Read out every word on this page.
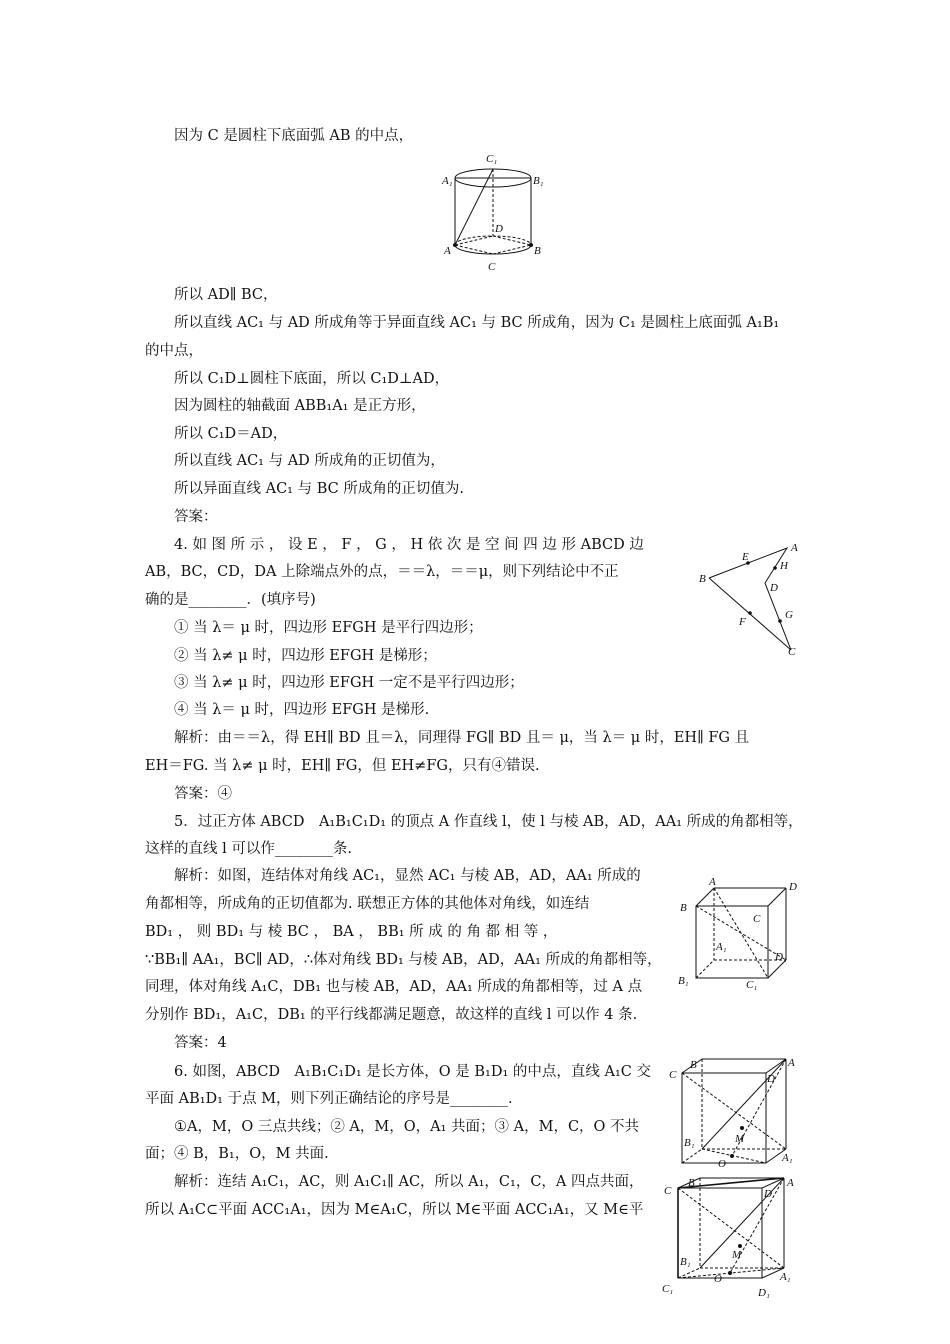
因为 C 是圆柱下底面弧 AB 的中点，
C₁
A₁	B₁
D
A	B
C
所以 AD∥ BC，
所以直线 AC₁ 与 AD 所成角等于异面直线 AC₁ 与 BC 所成角，因为 C₁ 是圆柱上底面弧 A₁B₁
的中点，
所以 C₁D⊥圆柱下底面，所以 C₁D⊥AD，
因为圆柱的轴截面 ABB₁A₁ 是正方形，
所以 C₁D＝AD，
所以直线 AC₁ 与 AD 所成角的正切值为，
所以异面直线 AC₁ 与 BC 所成角的正切值为.
答案：
4. 如 图 所 示 ， 设 E ， F ， G ， H 依 次 是 空 间 四 边 形 ABCD 边
AB，BC，CD，DA 上除端点外的点，＝＝λ，＝＝μ，则下列结论中不正
确的是________．(填序号)
① 当 λ＝ μ 时，四边形 EFGH 是平行四边形；
② 当 λ≠ μ 时，四边形 EFGH 是梯形；
③ 当 λ≠ μ 时，四边形 EFGH 一定不是平行四边形；
④ 当 λ＝ μ 时，四边形 EFGH 是梯形.
解析：由＝＝λ，得 EH∥ BD 且＝λ，同理得 FG∥ BD 且＝ μ，当 λ＝ μ 时，EH∥ FG 且
EH＝FG. 当 λ≠ μ 时，EH∥ FG，但 EH≠FG，只有④错误.
答案：④
A
E
H
B
D
G
F
C
5．过正方体 ABCD　A₁B₁C₁D₁ 的顶点 A 作直线 l，使 l 与棱 AB，AD，AA₁ 所成的角都相等，
这样的直线 l 可以作________条.
解析：如图，连结体对角线 AC₁，显然 AC₁ 与棱 AB，AD，AA₁ 所成的
角都相等，所成角的正切值都为. 联想正方体的其他体对角线，如连结
BD₁ ， 则 BD₁ 与 棱 BC ， BA ， BB₁ 所 成 的 角 都 相 等 ，
∵BB₁∥ AA₁，BC∥ AD，∴体对角线 BD₁ 与棱 AB，AD，AA₁ 所成的角都相等，
同理，体对角线 A₁C，DB₁ 也与棱 AB，AD，AA₁ 所成的角都相等，过 A 点
分别作 BD₁，A₁C，DB₁ 的平行线都满足题意，故这样的直线 l 可以作 4 条.
答案：4
A	D
B
C
A₁
D₁
B₁	C₁
6. 如图，ABCD　A₁B₁C₁D₁ 是长方体，O 是 B₁D₁ 的中点，直线 A₁C 交
平面 AB₁D₁ 于点 M，则下列正确结论的序号是________.
①A，M，O 三点共线；② A，M，O，A₁ 共面；③ A，M，C，O 不共
面；④ B，B₁，O，M 共面.
解析：连结 A₁C₁，AC，则 A₁C₁∥ AC，所以 A₁，C₁，C，A 四点共面，
所以 A₁C⊂平面 ACC₁A₁，因为 M∈A₁C，所以 M∈平面 ACC₁A₁，又 M∈平
B	A
C	D
B₁	M
O	A₁
B	A
C	D
B₁
M
O	A₁
C₁	D₁
